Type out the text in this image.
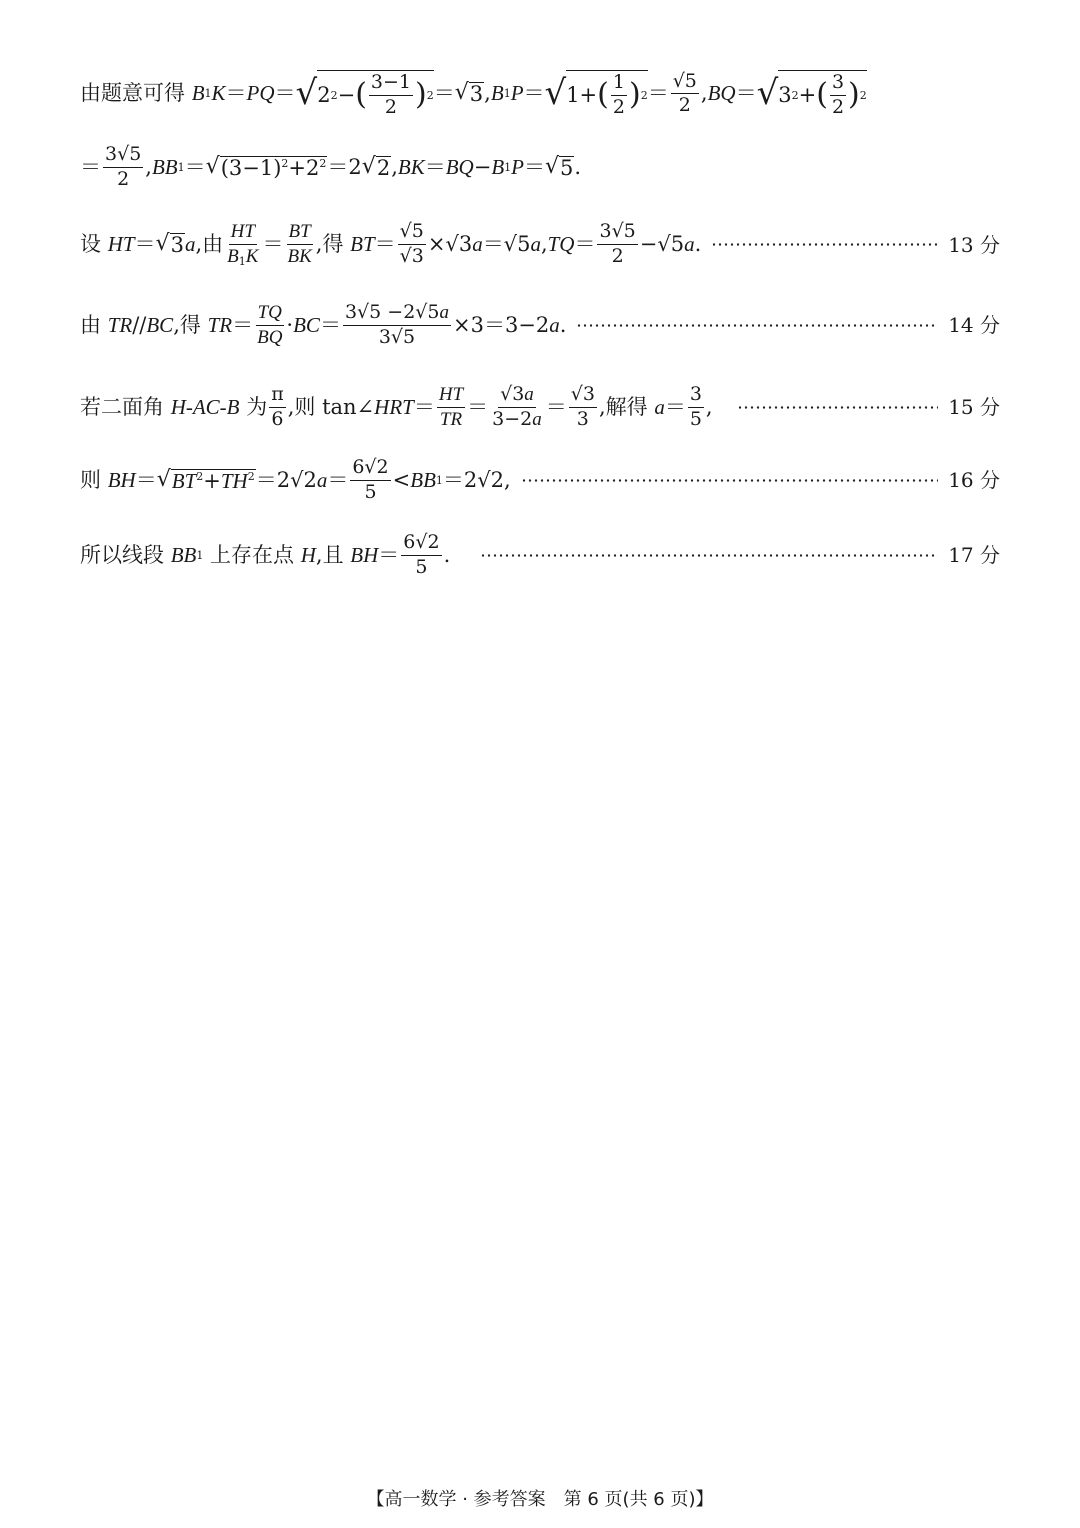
由题意可得
B 1 K ＝ PQ ＝ √ 2 2 − ( $\frac{3-1}{2}$ ) 2 ＝ √ 3 , B 1 P ＝ √ 1+ ( $\frac{1}{2}$ ) $2 = \frac{√5}{2}$ , BQ ＝ √ 3 2 + ( $\frac{3}{2}$ ) 2
＝ $\frac{3√5}{2}$ , BB 1 ＝ √ $(3-1)^2+2^2 =2$ √ 2 , BK ＝ BQ − B 1 P ＝ √ 5 .
设
HT ＝ √ 3 a , 由 $\frac{HT}{B_1K} = \frac{BT}{BK}$ , 得
BT ＝ $\frac{√5}{√3} \times√3$ a ＝√5 a , TQ ＝ $\frac{3√5}{2} -√5$ a .	13 分
由
TR // BC , 得
TR ＝ $\frac{TQ}{BQ}$ · BC ＝ $\frac{3√5 -2√5a}{3√5} \times 3=3-2$ a .	14 分
若二面角
H-AC-B
为 $\frac{\pi}{6}$ , 则 tan∠ HRT ＝ $\frac{HT}{TR} = \frac{√3a}{3-2a} = \frac{√3}{3}$ , 解得
$a = \frac{3}{5}$ ,	15 分
则
BH ＝ √ $BT^2+TH^2 =2√2$ $a = \frac{6√2}{5}$ < BB 1 ＝2√2,	16 分
所以线段
BB 1
上存在点
H , 且
BH ＝ $\frac{6√2}{5}$ .	17 分
【高一数学 · 参考答案　第 6 页(共 6 页)】
